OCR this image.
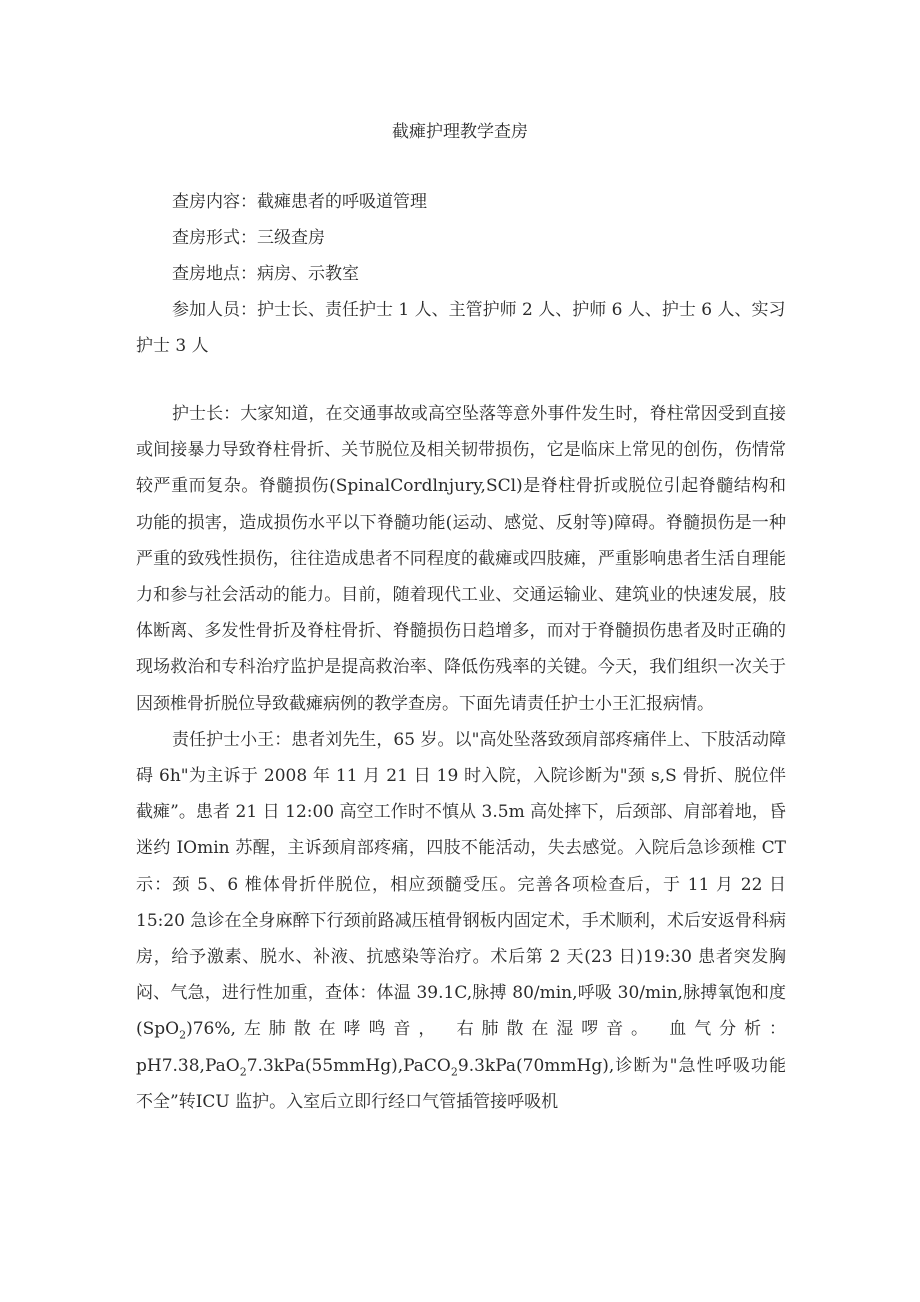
截瘫护理教学查房

查房内容：截瘫患者的呼吸道管理

查房形式：三级查房

查房地点：病房、示教室

参加人员：护士长、责任护士 1 人、主管护师 2 人、护师 6 人、护士 6 人、实习护士 3 人

护士长：大家知道，在交通事故或高空坠落等意外事件发生时，脊柱常因受到直接或间接暴力导致脊柱骨折、关节脱位及相关韧带损伤，它是临床上常见的创伤，伤情常较严重而复杂。脊髓损伤(SpinalCordlnjury,SCl)是脊柱骨折或脱位引起脊髓结构和功能的损害，造成损伤水平以下脊髓功能(运动、感觉、反射等)障碍。脊髓损伤是一种严重的致残性损伤，往往造成患者不同程度的截瘫或四肢瘫，严重影响患者生活自理能力和参与社会活动的能力。目前，随着现代工业、交通运输业、建筑业的快速发展，肢体断离、多发性骨折及脊柱骨折、脊髓损伤日趋增多，而对于脊髓损伤患者及时正确的现场救治和专科治疗监护是提高救治率、降低伤残率的关键。今天，我们组织一次关于因颈椎骨折脱位导致截瘫病例的教学查房。下面先请责任护士小王汇报病情。

责任护士小王：患者刘先生，65 岁。以"高处坠落致颈肩部疼痛伴上、下肢活动障碍 6h"为主诉于 2008 年 11 月 21 日 19 时入院，入院诊断为"颈 s,S 骨折、脱位伴截瘫”。患者 21 日 12:00 高空工作时不慎从 3.5m 高处摔下，后颈部、肩部着地，昏迷约 IOmin 苏醒，主诉颈肩部疼痛，四肢不能活动，失去感觉。入院后急诊颈椎 CT 示：颈 5、6 椎体骨折伴脱位，相应颈髓受压。完善各项检查后，于 11 月 22 日 15:20 急诊在全身麻醉下行颈前路减压植骨钢板内固定术，手术顺利，术后安返骨科病房，给予激素、脱水、补液、抗感染等治疗。术后第 2 天(23 日)19:30 患者突发胸闷、气急，进行性加重，查体：体温 39.1C,脉搏 80∕min,呼吸 30/min,脉搏氧饱和度(SpO$_2$)76%,左肺散在哮鸣音， 右肺散在湿啰音。 血气分析：pH7.38,PaO$_2$7.3kPa(55mmHg),PaCO$_2$9.3kPa(70mmHg),诊断为"急性呼吸功能不全”转ICU 监护。入室后立即行经口气管插管接呼吸机
